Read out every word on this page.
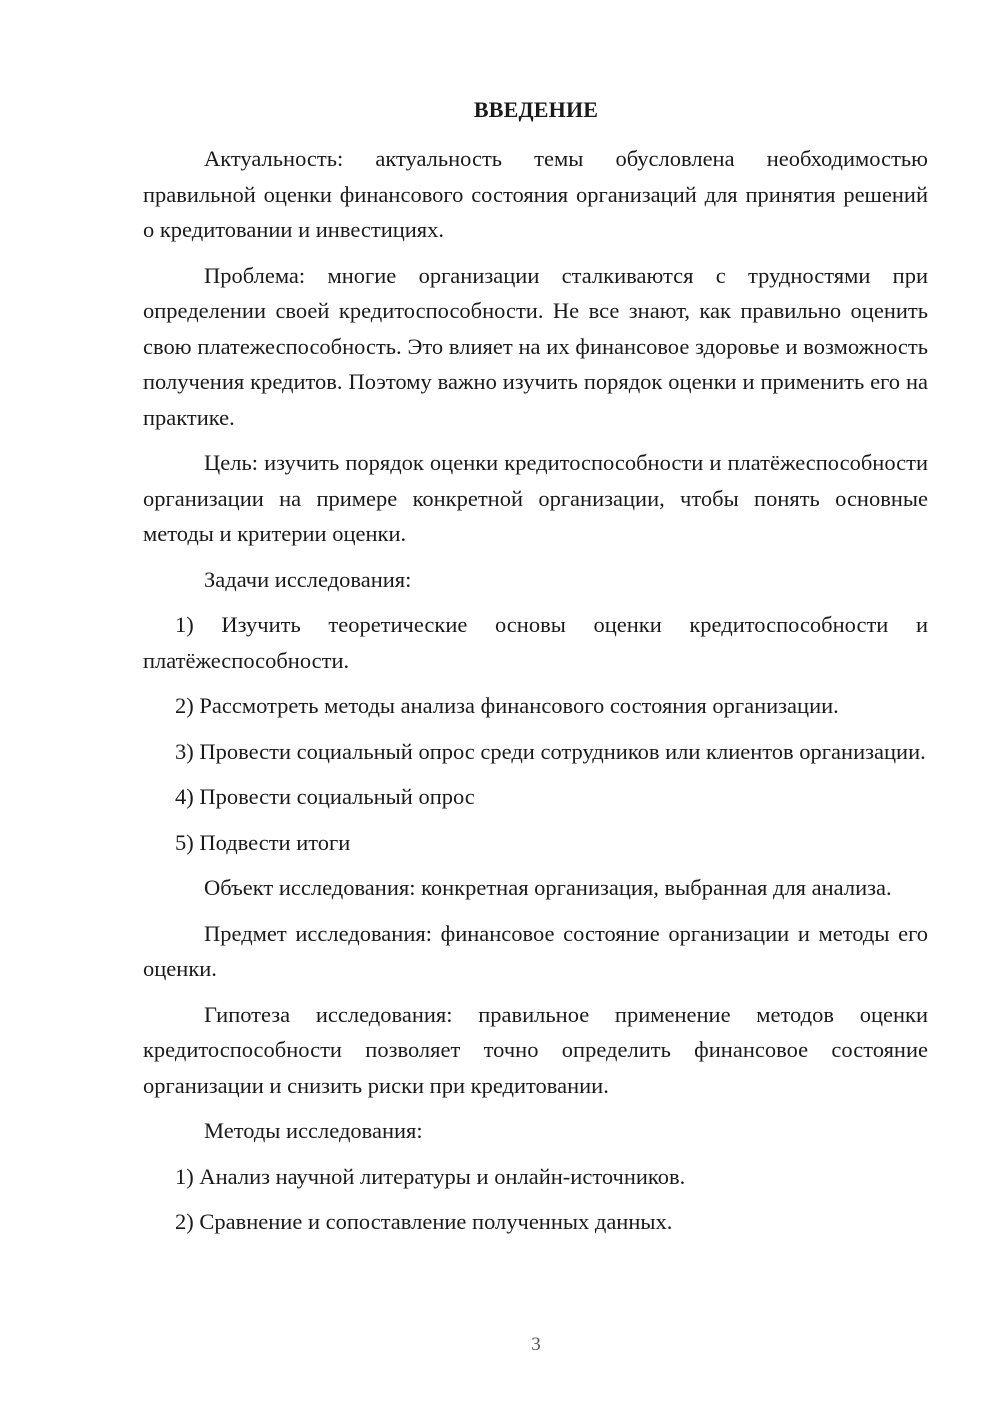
ВВЕДЕНИЕ

Актуальность: актуальность темы обусловлена необходимостью правильной оценки финансового состояния организаций для принятия решений о кредитовании и инвестициях.

Проблема: многие организации сталкиваются с трудностями при определении своей кредитоспособности. Не все знают, как правильно оценить свою платежеспособность. Это влияет на их финансовое здоровье и возможность получения кредитов. Поэтому важно изучить порядок оценки и применить его на практике.

Цель: изучить порядок оценки кредитоспособности и платёжеспособности организации на примере конкретной организации, чтобы понять основные методы и критерии оценки.

Задачи исследования:

1) Изучить теоретические основы оценки кредитоспособности и платёжеспособности.

2) Рассмотреть методы анализа финансового состояния организации.

3) Провести социальный опрос среди сотрудников или клиентов организации.

4) Провести социальный опрос

5) Подвести итоги

Объект исследования: конкретная организация, выбранная для анализа.

Предмет исследования: финансовое состояние организации и методы его оценки.

Гипотеза исследования: правильное применение методов оценки кредитоспособности позволяет точно определить финансовое состояние организации и снизить риски при кредитовании.

Методы исследования:

1) Анализ научной литературы и онлайн-источников.

2) Сравнение и сопоставление полученных данных.

3
